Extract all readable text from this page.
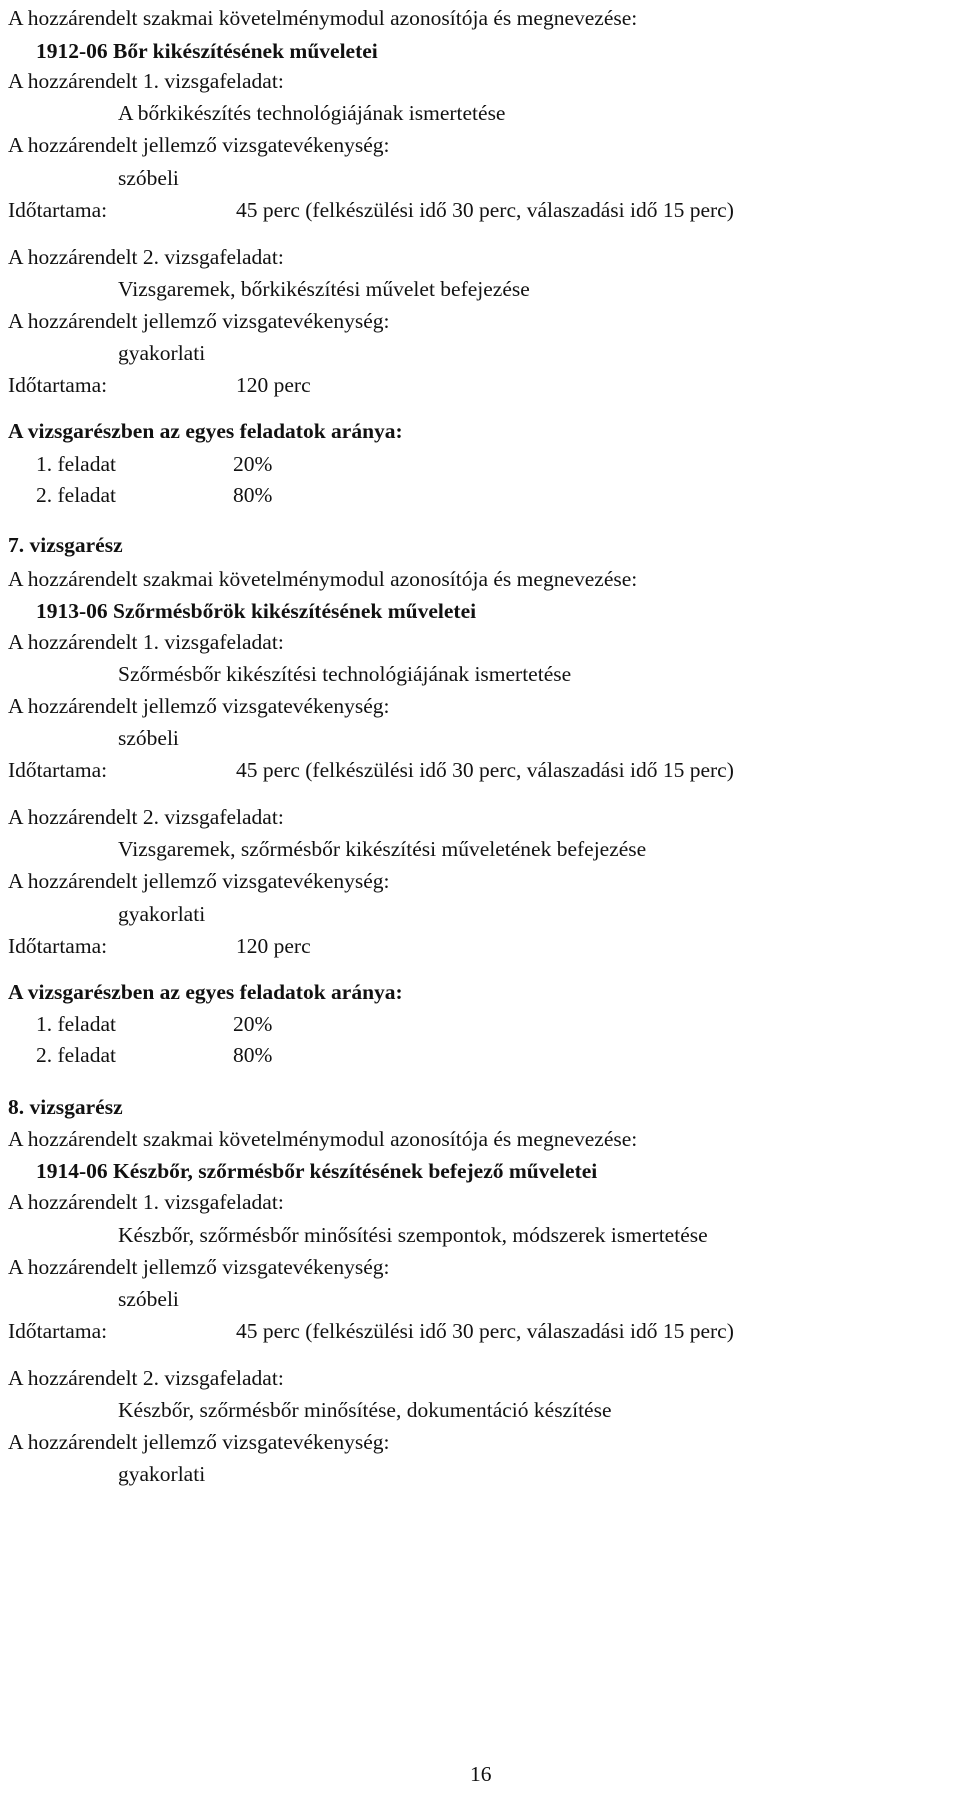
A hozzárendelt szakmai követelménymodul azonosítója és megnevezése:
1912-06 Bőr kikészítésének műveletei
A hozzárendelt 1. vizsgafeladat:
A bőrkikészítés technológiájának ismertetése
A hozzárendelt jellemző vizsgatevékenység:
szóbeli
Időtartama:	45 perc (felkészülési idő 30 perc, válaszadási idő 15 perc)
A hozzárendelt 2. vizsgafeladat:
Vizsgaremek, bőrkikészítési művelet befejezése
A hozzárendelt jellemző vizsgatevékenység:
gyakorlati
Időtartama:	120 perc
A vizsgarészben az egyes feladatok aránya:
1. feladat	20%
2. feladat	80%
7. vizsgarész
A hozzárendelt szakmai követelménymodul azonosítója és megnevezése:
1913-06 Szőrmésbőrök kikészítésének műveletei
A hozzárendelt 1. vizsgafeladat:
Szőrmésbőr kikészítési technológiájának ismertetése
A hozzárendelt jellemző vizsgatevékenység:
szóbeli
Időtartama:	45 perc (felkészülési idő 30 perc, válaszadási idő 15 perc)
A hozzárendelt 2. vizsgafeladat:
Vizsgaremek, szőrmésbőr kikészítési műveletének befejezése
A hozzárendelt jellemző vizsgatevékenység:
gyakorlati
Időtartama:	120 perc
A vizsgarészben az egyes feladatok aránya:
1. feladat	20%
2. feladat	80%
8. vizsgarész
A hozzárendelt szakmai követelménymodul azonosítója és megnevezése:
1914-06 Készbőr, szőrmésbőr készítésének befejező műveletei
A hozzárendelt 1. vizsgafeladat:
Készbőr, szőrmésbőr minősítési szempontok, módszerek ismertetése
A hozzárendelt jellemző vizsgatevékenység:
szóbeli
Időtartama:	45 perc (felkészülési idő 30 perc, válaszadási idő 15 perc)
A hozzárendelt 2. vizsgafeladat:
Készbőr, szőrmésbőr minősítése, dokumentáció készítése
A hozzárendelt jellemző vizsgatevékenység:
gyakorlati
16
